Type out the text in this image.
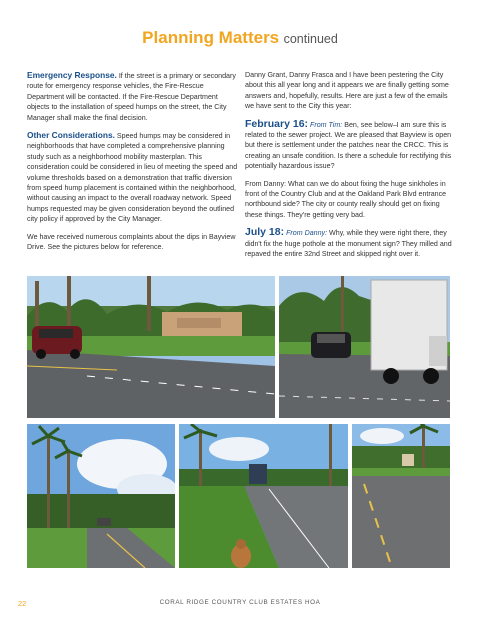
Planning Matters continued

Emergency Response. If the street is a primary or secondary route for emergency response vehicles, the Fire-Rescue Department will be contacted. If the Fire-Rescue Department objects to the installation of speed humps on the street, the City Manager shall make the final decision.

Other Considerations. Speed humps may be considered in neighborhoods that have completed a comprehensive planning study such as a neighborhood mobility masterplan. This consideration could be considered in lieu of meeting the speed and volume thresholds based on a demonstration that traffic diversion from speed hump placement is contained within the neighborhood, without causing an impact to the overall roadway network. Speed humps requested may be given consideration beyond the outlined city policy if approved by the City Manager.

We have received numerous complaints about the dips in Bayview Drive. See the pictures below for reference.

Danny Grant, Danny Frasca and I have been pestering the City about this all year long and it appears we are finally getting some answers and, hopefully, results. Here are just a few of the emails we have sent to the City this year:

February 16: From Tim: Ben, see below–I am sure this is related to the sewer project. We are pleased that Bayview is open but there is settlement under the patches near the CRCC. This is creating an unsafe condition. Is there a schedule for rectifying this potentially hazardous issue?

From Danny: What can we do about fixing the huge sinkholes in front of the Country Club and at the Oakland Park Blvd entrance northbound side? The city or county really should get on fixing these things. They're getting very bad.

July 18: From Danny: Why, while they were right there, they didn't fix the huge pothole at the monument sign? They milled and repaved the entire 32nd Street and skipped right over it.

22	CORAL RIDGE COUNTRY CLUB ESTATES HOA
